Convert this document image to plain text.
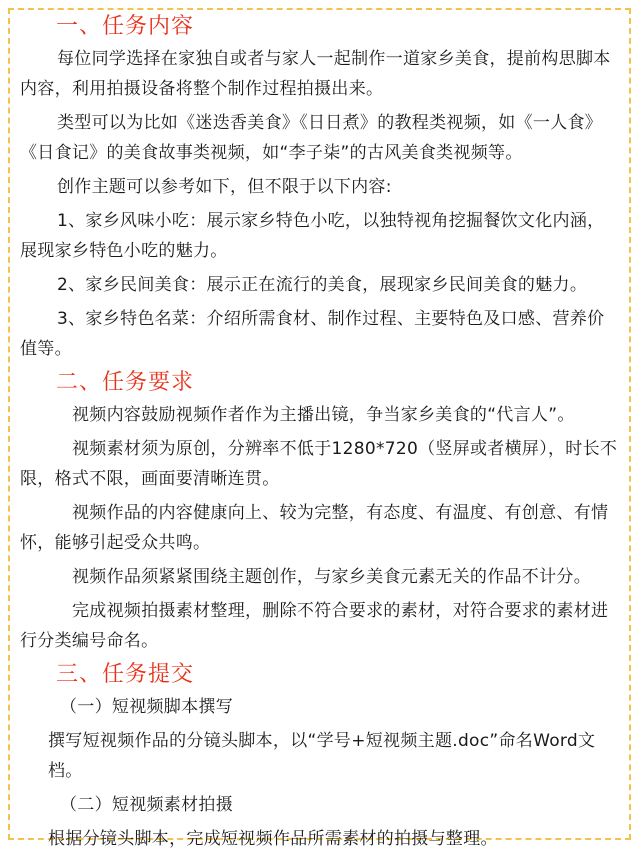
一、任务内容
每位同学选择在家独自或者与家人一起制作一道家乡美食，提前构思脚本内容，利用拍摄设备将整个制作过程拍摄出来。
类型可以为比如《迷迭香美食》《日日煮》的教程类视频，如《一人食》《日食记》的美食故事类视频，如“李子柒”的古风美食类视频等。
创作主题可以参考如下，但不限于以下内容:
1、家乡风味小吃：展示家乡特色小吃，以独特视角挖掘餐饮文化内涵，展现家乡特色小吃的魅力。
2、家乡民间美食：展示正在流行的美食，展现家乡民间美食的魅力。
3、家乡特色名菜：介绍所需食材、制作过程、主要特色及口感、营养价值等。
二、任务要求
视频内容鼓励视频作者作为主播出镜，争当家乡美食的“代言人”。
视频素材须为原创，分辨率不低于1280*720（竖屏或者横屏），时长不限，格式不限，画面要清晰连贯。
视频作品的内容健康向上、较为完整，有态度、有温度、有创意、有情怀，能够引起受众共鸣。
视频作品须紧紧围绕主题创作，与家乡美食元素无关的作品不计分。
完成视频拍摄素材整理，删除不符合要求的素材，对符合要求的素材进行分类编号命名。
三、任务提交
（一）短视频脚本撰写
撰写短视频作品的分镜头脚本，以“学号+短视频主题.doc”命名Word文档。
（二）短视频素材拍摄
根据分镜头脚本，完成短视频作品所需素材的拍摄与整理。
